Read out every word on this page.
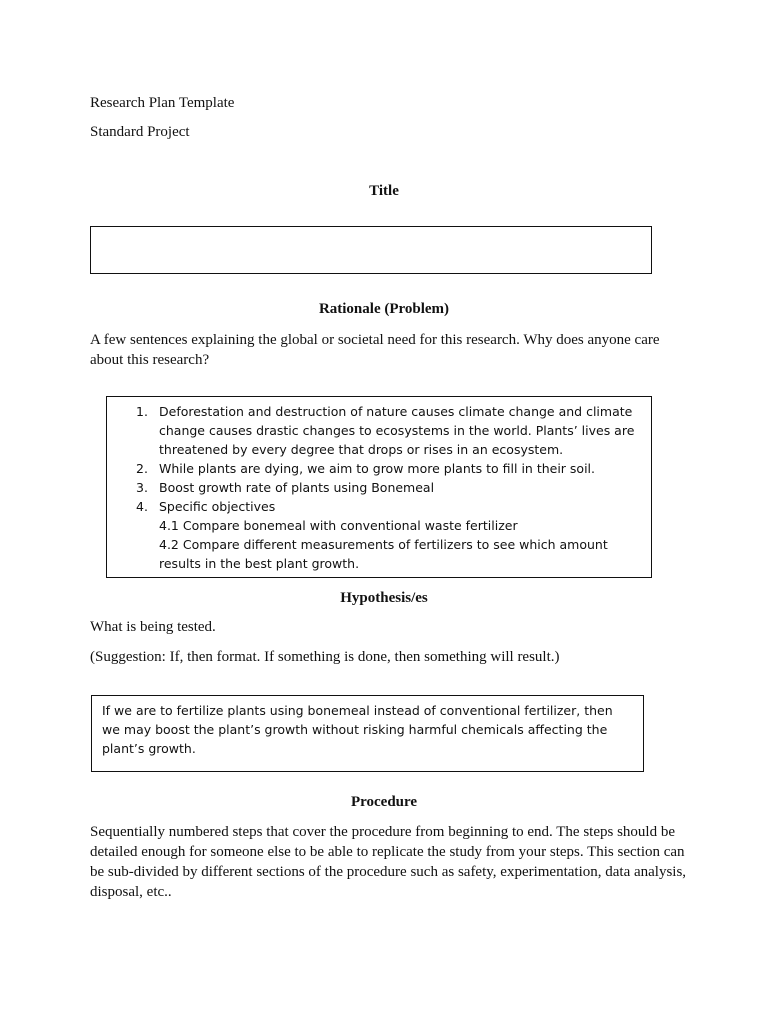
Research Plan Template
Standard Project
Title
Rationale (Problem)
A few sentences explaining the global or societal need for this research. Why does anyone care about this research?
1. Deforestation and destruction of nature causes climate change and climate change causes drastic changes to ecosystems in the world. Plants’ lives are threatened by every degree that drops or rises in an ecosystem.
2. While plants are dying, we aim to grow more plants to fill in their soil.
3. Boost growth rate of plants using Bonemeal
4. Specific objectives
4.1 Compare bonemeal with conventional waste fertilizer
4.2 Compare different measurements of fertilizers to see which amount results in the best plant growth.
Hypothesis/es
What is being tested.
(Suggestion: If, then format. If something is done, then something will result.)
If we are to fertilize plants using bonemeal instead of conventional fertilizer, then we may boost the plant’s growth without risking harmful chemicals affecting the plant’s growth.
Procedure
Sequentially numbered steps that cover the procedure from beginning to end. The steps should be detailed enough for someone else to be able to replicate the study from your steps. This section can be sub-divided by different sections of the procedure such as safety, experimentation, data analysis, disposal, etc..
